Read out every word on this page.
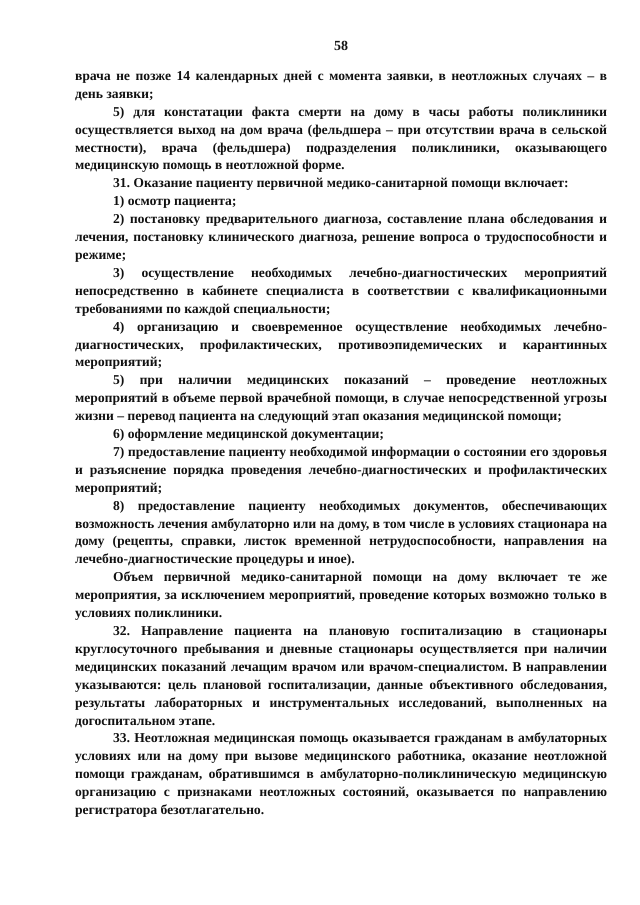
58

врача не позже 14 календарных дней с момента заявки, в неотложных случаях – в день заявки;

5) для констатации факта смерти на дому в часы работы поликлиники осуществляется выход на дом врача (фельдшера – при отсутствии врача в сельской местности), врача (фельдшера) подразделения поликлиники, оказывающего медицинскую помощь в неотложной форме.

31. Оказание пациенту первичной медико-санитарной помощи включает:

1) осмотр пациента;

2) постановку предварительного диагноза, составление плана обследования и лечения, постановку клинического диагноза, решение вопроса о трудоспособности и режиме;

3) осуществление необходимых лечебно-диагностических мероприятий непосредственно в кабинете специалиста в соответствии с квалификационными требованиями по каждой специальности;

4) организацию и своевременное осуществление необходимых лечебно-диагностических, профилактических, противоэпидемических и карантинных мероприятий;

5) при наличии медицинских показаний – проведение неотложных мероприятий в объеме первой врачебной помощи, в случае непосредственной угрозы жизни – перевод пациента на следующий этап оказания медицинской помощи;

6) оформление медицинской документации;

7) предоставление пациенту необходимой информации о состоянии его здоровья и разъяснение порядка проведения лечебно-диагностических и профилактических мероприятий;

8) предоставление пациенту необходимых документов, обеспечивающих возможность лечения амбулаторно или на дому, в том числе в условиях стационара на дому (рецепты, справки, листок временной нетрудоспособности, направления на лечебно-диагностические процедуры и иное).

Объем первичной медико-санитарной помощи на дому включает те же мероприятия, за исключением мероприятий, проведение которых возможно только в условиях поликлиники.

32. Направление пациента на плановую госпитализацию в стационары круглосуточного пребывания и дневные стационары осуществляется при наличии медицинских показаний лечащим врачом или врачом-специалистом. В направлении указываются: цель плановой госпитализации, данные объективного обследования, результаты лабораторных и инструментальных исследований, выполненных на догоспитальном этапе.

33. Неотложная медицинская помощь оказывается гражданам в амбулаторных условиях или на дому при вызове медицинского работника, оказание неотложной помощи гражданам, обратившимся в амбулаторно-поликлиническую медицинскую организацию с признаками неотложных состояний, оказывается по направлению регистратора безотлагательно.
